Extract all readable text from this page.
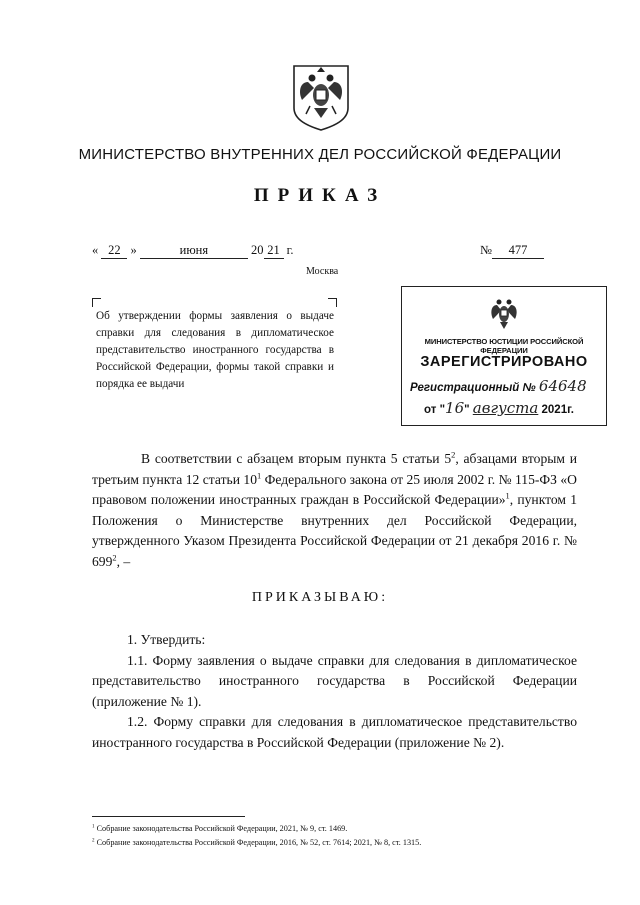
МИНИСТЕРСТВО ВНУТРЕННИХ ДЕЛ РОССИЙСКОЙ ФЕДЕРАЦИИ
ПРИКАЗ
« 22 »	июня	20 21 г.
Москва
№ 477
Об утверждении формы заявления о выдаче справки для следования в дипломатическое представительство иностранного государства в Российской Федерации, формы такой справки и порядка ее выдачи
МИНИСТЕРСТВО ЮСТИЦИИ РОССИЙСКОЙ ФЕДЕРАЦИИ
ЗАРЕГИСТРИРОВАНО
Регистрационный № 64648
от "16" августа 2021г.

В соответствии с абзацем вторым пункта 5 статьи $5^2$, абзацами вторым и третьим пункта 12 статьи $10^1$ Федерального закона от 25 июля 2002 г. № 115-ФЗ «О правовом положении иностранных граждан в Российской Федерации»$^1$, пунктом 1 Положения о Министерстве внутренних дел Российской Федерации, утвержденного Указом Президента Российской Федерации от 21 декабря 2016 г. № $699^2$, –

ПРИКАЗЫВАЮ:

1. Утвердить:

1.1. Форму заявления о выдаче справки для следования в дипломатическое представительство иностранного государства в Российской Федерации (приложение № 1).

1.2. Форму справки для следования в дипломатическое представительство иностранного государства в Российской Федерации (приложение № 2).

$^1$ Собрание законодательства Российской Федерации, 2021, № 9, ст. 1469.
$^2$ Собрание законодательства Российской Федерации, 2016, № 52, ст. 7614; 2021, № 8, ст. 1315.
